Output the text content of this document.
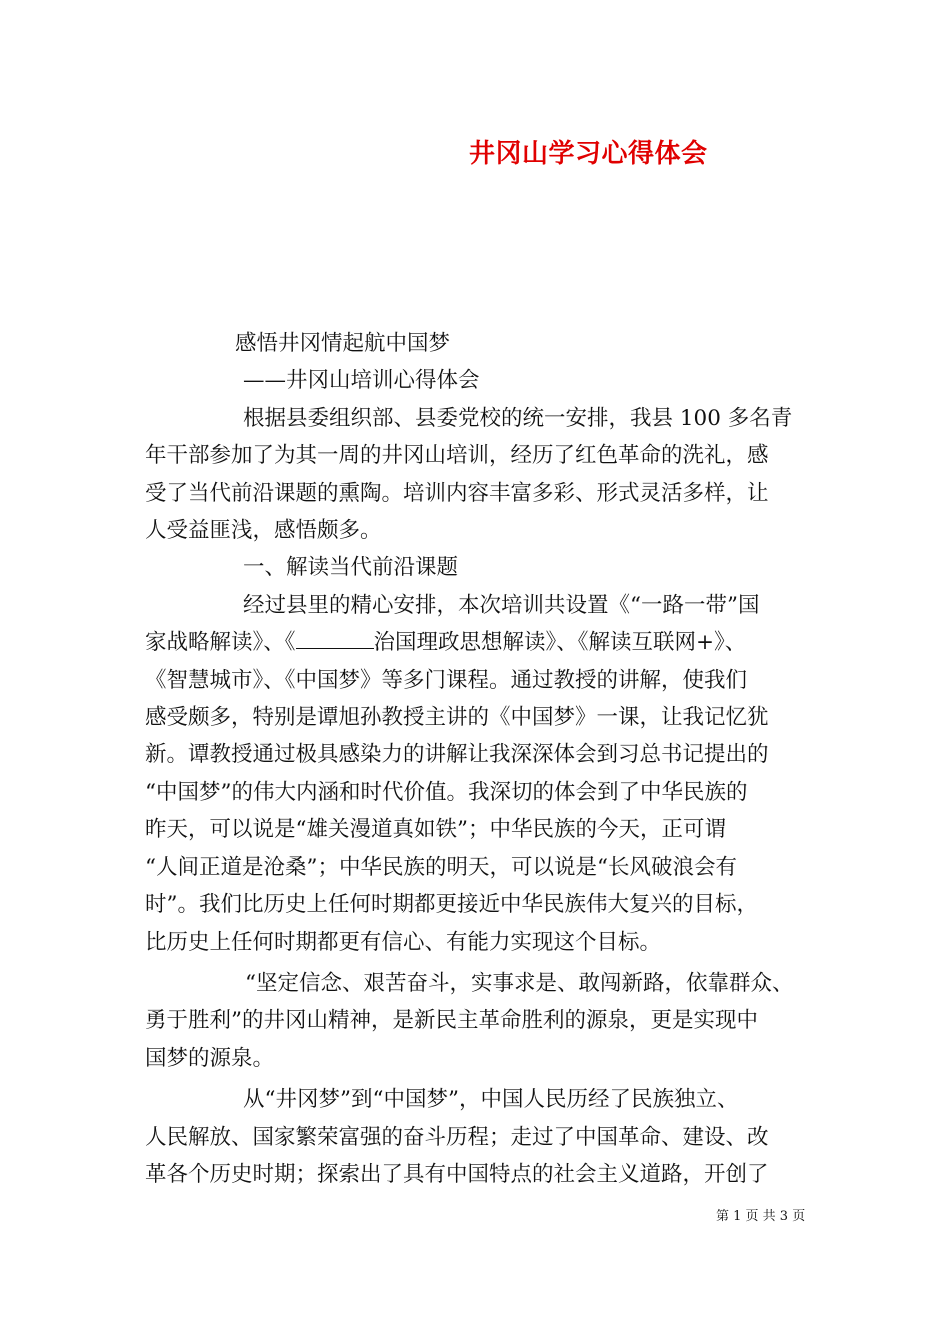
井冈山学习心得体会

感悟井冈情起航中国梦

——井冈山培训心得体会

根据县委组织部、县委党校的统一安排，我县 100 多名青

年干部参加了为其一周的井冈山培训，经历了红色革命的洗礼，感

受了当代前沿课题的熏陶。培训内容丰富多彩、形式灵活多样，让

人受益匪浅，感悟颇多。

一、解读当代前沿课题

经过县里的精心安排，本次培训共设置《“一路一带”国

家战略解读》、《	治国理政思想解读》、《解读互联网+》、

《智慧城市》、《中国梦》等多门课程。通过教授的讲解，使我们

感受颇多，特别是谭旭孙教授主讲的《中国梦》一课，让我记忆犹

新。谭教授通过极具感染力的讲解让我深深体会到习总书记提出的

“中国梦”的伟大内涵和时代价值。我深切的体会到了中华民族的

昨天，可以说是“雄关漫道真如铁”；中华民族的今天，正可谓

“人间正道是沧桑”；中华民族的明天，可以说是“长风破浪会有

时”。我们比历史上任何时期都更接近中华民族伟大复兴的目标，

比历史上任何时期都更有信心、有能力实现这个目标。

“坚定信念、艰苦奋斗，实事求是、敢闯新路，依靠群众、

勇于胜利”的井冈山精神，是新民主革命胜利的源泉，更是实现中

国梦的源泉。

从“井冈梦”到“中国梦”，中国人民历经了民族独立、

人民解放、国家繁荣富强的奋斗历程；走过了中国革命、建设、改

革各个历史时期；探索出了具有中国特点的社会主义道路，开创了

第 1 页 共 3 页
